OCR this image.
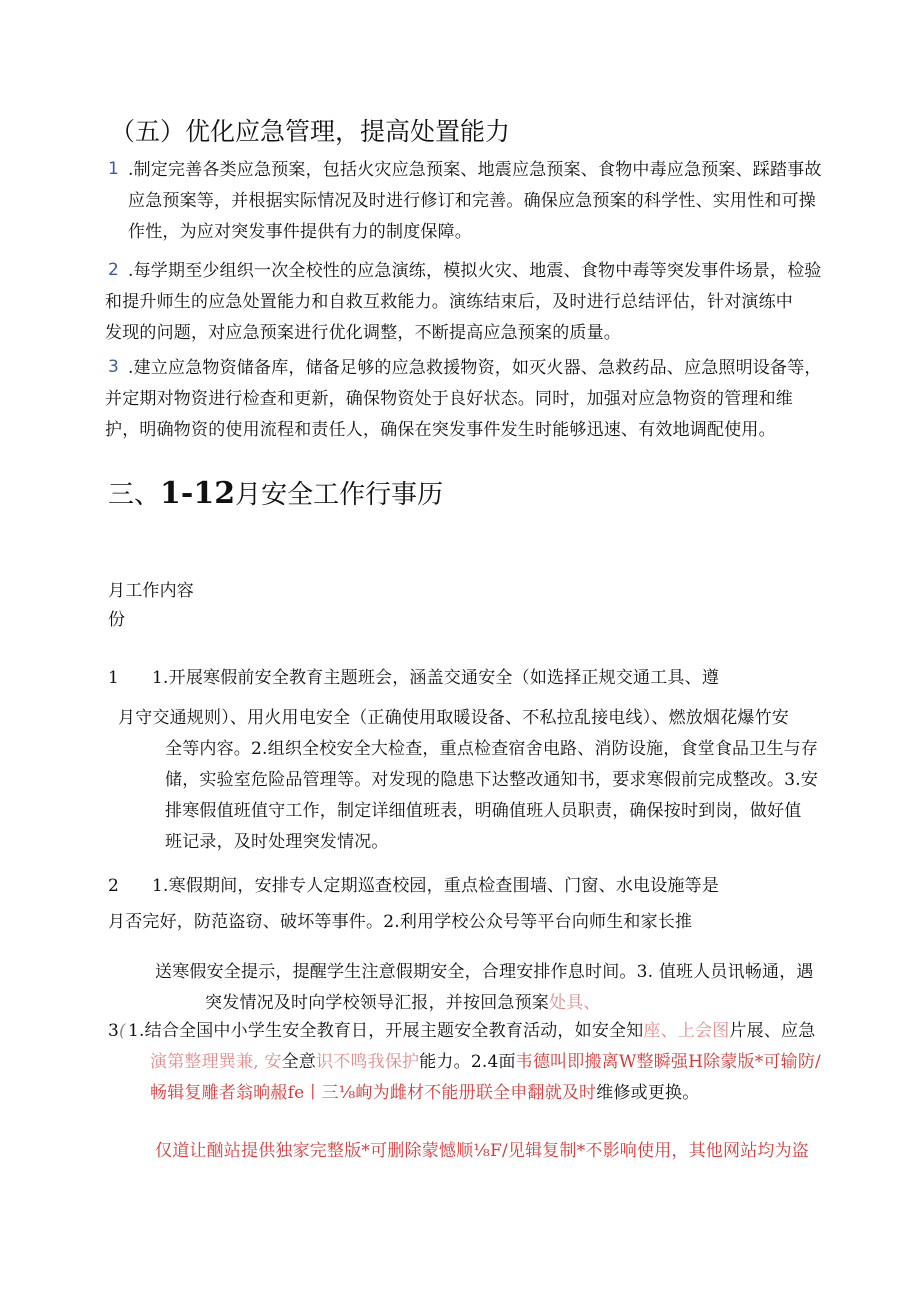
（五）优化应急管理，提高处置能力
1 .制定完善各类应急预案，包括火灾应急预案、地震应急预案、食物中毒应急预案、踩踏事故
应急预案等，并根据实际情况及时进行修订和完善。确保应急预案的科学性、实用性和可操
作性，为应对突发事件提供有力的制度保障。
2 .每学期至少组织一次全校性的应急演练，模拟火灾、地震、食物中毒等突发事件场景，检验
和提升师生的应急处置能力和自救互救能力。演练结束后，及时进行总结评估，针对演练中
发现的问题，对应急预案进行优化调整，不断提高应急预案的质量。
3 .建立应急物资储备库，储备足够的应急救援物资，如灭火器、急救药品、应急照明设备等，
并定期对物资进行检查和更新，确保物资处于良好状态。同时，加强对应急物资的管理和维
护，明确物资的使用流程和责任人，确保在突发事件发生时能够迅速、有效地调配使用。
三、1-12月安全工作行事历
月工作内容
份
1 1.开展寒假前安全教育主题班会，涵盖交通安全（如选择正规交通工具、遵
月守交通规则）、用火用电安全（正确使用取暖设备、不私拉乱接电线）、燃放烟花爆竹安
全等内容。2.组织全校安全大检查，重点检查宿舍电路、消防设施，食堂食品卫生与存
储，实验室危险品管理等。对发现的隐患下达整改通知书，要求寒假前完成整改。3.安
排寒假值班值守工作，制定详细值班表，明确值班人员职责，确保按时到岗，做好值
班记录，及时处理突发情况。
2 1.寒假期间，安排专人定期巡查校园，重点检查围墙、门窗、水电设施等是
月否完好，防范盗窃、破坏等事件。2.利用学校公众号等平台向师生和家长推
送寒假安全提示，提醒学生注意假期安全，合理安排作息时间。3. 值班人员讯畅通，遇
突发情况及时向学校领导汇报，并按回急预案处具、
3( 1.结合全国中小学生安全教育日，开展主题安全教育活动，如安全知座、上会图片展、应急
演第整理巽兼, 安全意识不鸣我保护能力。2.4面韦德叫即搬离W整瞬强H除蒙版*可输防/
畅辑复雕者翁晌赧fe丨三⅛峋为雌材不能册联全申翻就及时维修或更换。
仅道让酗站提供独家完整版*可删除蒙憾顺⅛F/见辑复制*不影响使用，其他网站均为盗
